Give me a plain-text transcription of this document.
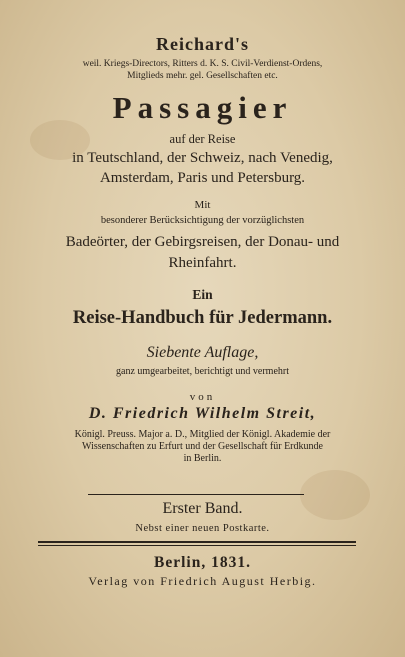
Reichard's
weil. Kriegs-Directors, Ritters d. K. S. Civil-Verdienst-Ordens,
Mitglieds mehr. gel. Gesellschaften etc.
Passagier
auf der Reise
in Teutschland, der Schweiz, nach Venedig,
Amsterdam, Paris und Petersburg.
Mit
besonderer Berücksichtigung der vorzüglichsten
Badeörter, der Gebirgsreisen, der Donau- und
Rheinfahrt.
Ein
Reise-Handbuch für Jedermann.
Siebente Auflage,
ganz umgearbeitet, berichtigt und vermehrt
von
D. Friedrich Wilhelm Streit,
Königl. Preuss. Major a. D., Mitglied der Königl. Akademie der
Wissenschaften zu Erfurt und der Gesellschaft für Erdkunde
in Berlin.
Erster Band.
Nebst einer neuen Postkarte.
Berlin, 1831.
Verlag von Friedrich August Herbig.
